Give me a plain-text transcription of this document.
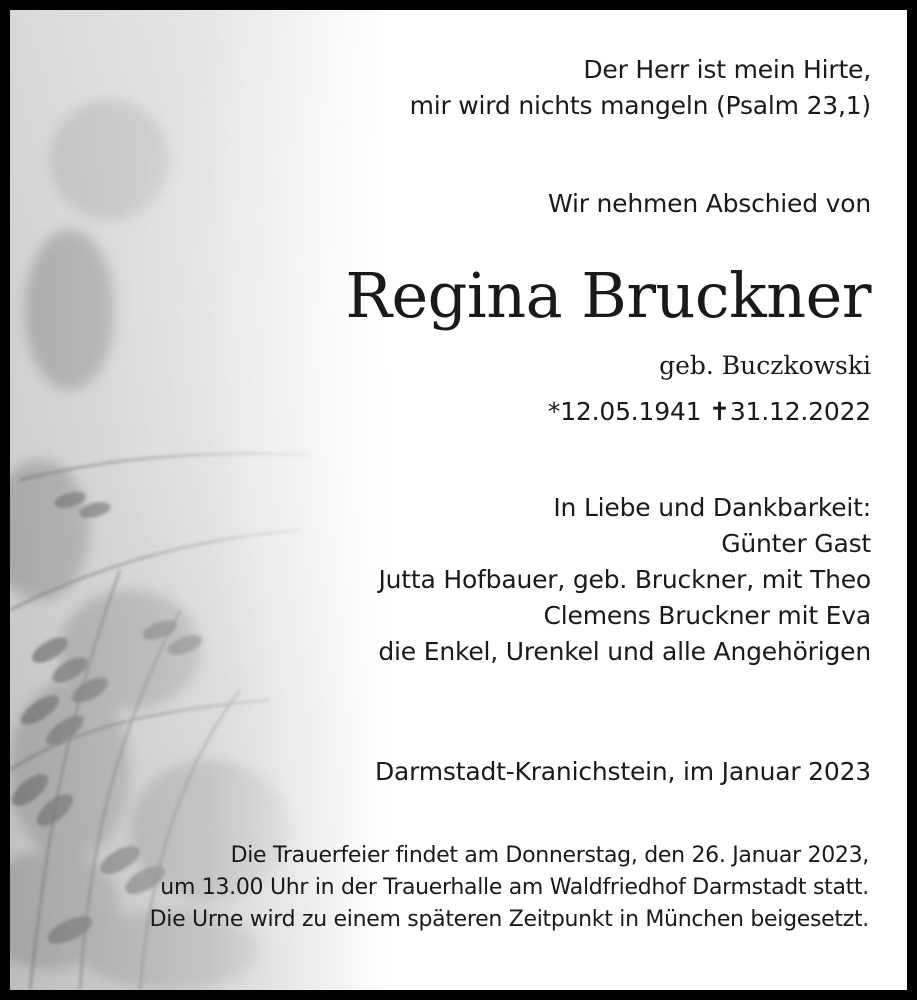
Der Herr ist mein Hirte,
mir wird nichts mangeln (Psalm 23,1)

Wir nehmen Abschied von

Regina Bruckner

geb. Buczkowski

*12.05.1941 ✝31.12.2022

In Liebe und Dankbarkeit:
Günter Gast
Jutta Hofbauer, geb. Bruckner, mit Theo
Clemens Bruckner mit Eva
die Enkel, Urenkel und alle Angehörigen

Darmstadt-Kranichstein, im Januar 2023

Die Trauerfeier findet am Donnerstag, den 26. Januar 2023,
um 13.00 Uhr in der Trauerhalle am Waldfriedhof Darmstadt statt.
Die Urne wird zu einem späteren Zeitpunkt in München beigesetzt.
